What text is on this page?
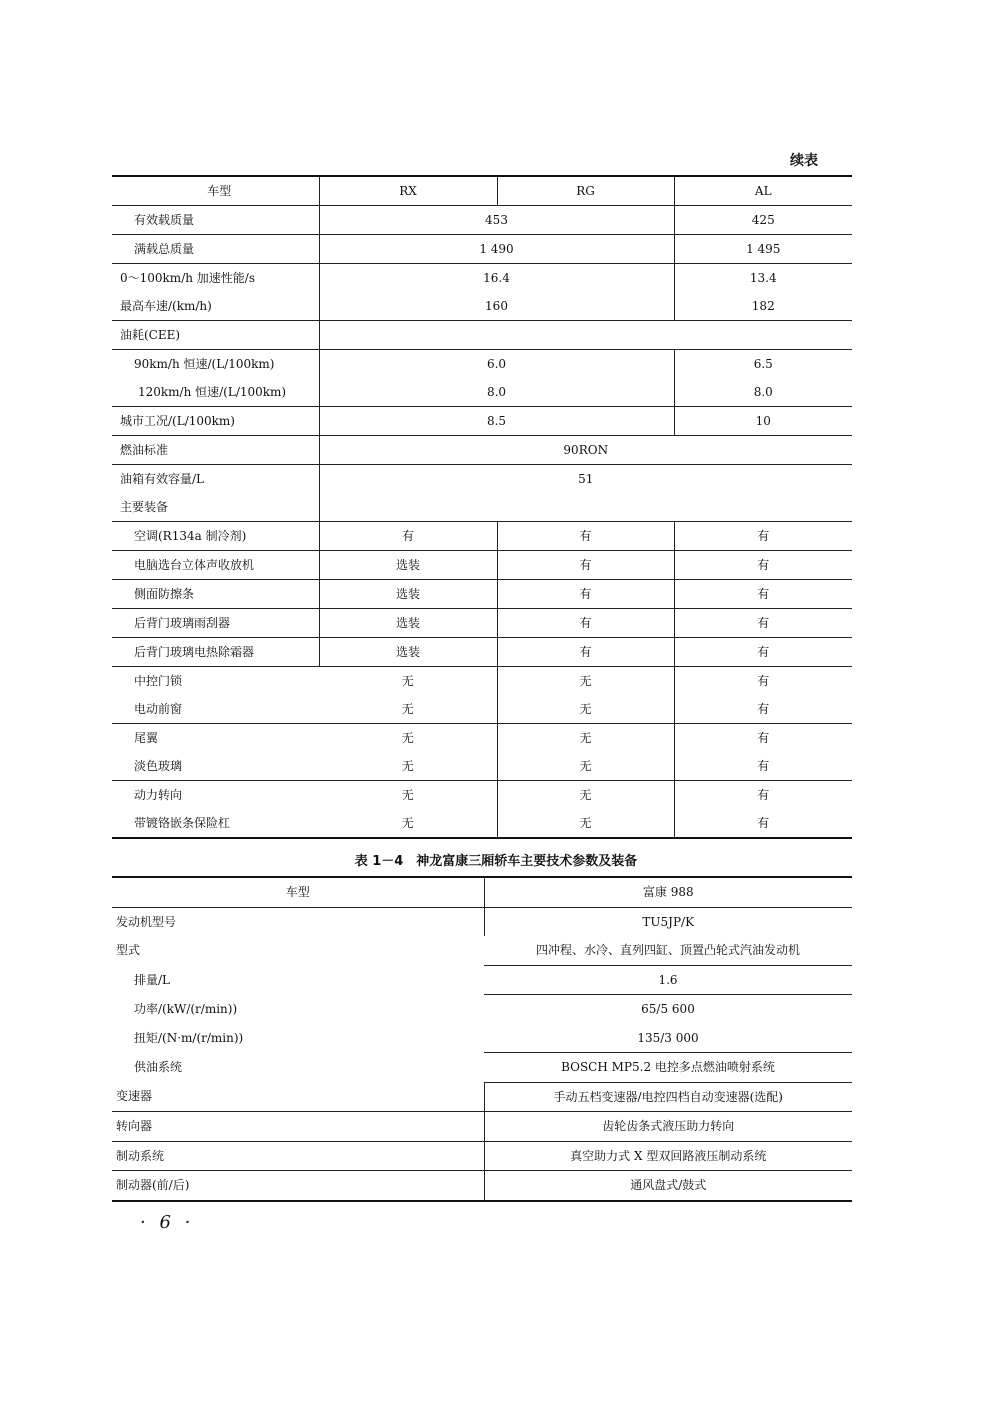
续表
车型	RX	RG	AL
有效载质量	453		425
满载总质量	1 490		1 495
0～100km/h 加速性能/s	16.4		13.4
最高车速/(km/h)	160		182
油耗(CEE)			
90km/h 恒速/(L/100km)	6.0		6.5
120km/h 恒速/(L/100km)	8.0		8.0
城市工况/(L/100km)	8.5		10
燃油标准	90RON		
油箱有效容量/L	51		
主要装备			
空调(R134a 制冷剂)	有	有	有
电脑选台立体声收放机	选装	有	有
侧面防擦条	选装	有	有
后背门玻璃雨刮器	选装	有	有
后背门玻璃电热除霜器	选装	有	有
中控门锁	无	无	有
电动前窗	无	无	有
尾翼	无	无	有
淡色玻璃	无	无	有
动力转向	无	无	有
带镀铬嵌条保险杠	无	无	有
表 1－4　神龙富康三厢轿车主要技术参数及装备
车型	富康 988
发动机型号	TU5JP/K
型式	四冲程、水冷、直列四缸、顶置凸轮式汽油发动机
排量/L	1.6
功率/(kW/(r/min))	65/5 600
扭矩/(N·m/(r/min))	135/3 000
供油系统	BOSCH MP5.2 电控多点燃油喷射系统
变速器	手动五档变速器/电控四档自动变速器(选配)
转向器	齿轮齿条式液压助力转向
制动系统	真空助力式 X 型双回路液压制动系统
制动器(前/后)	通风盘式/鼓式
· 6 ·
